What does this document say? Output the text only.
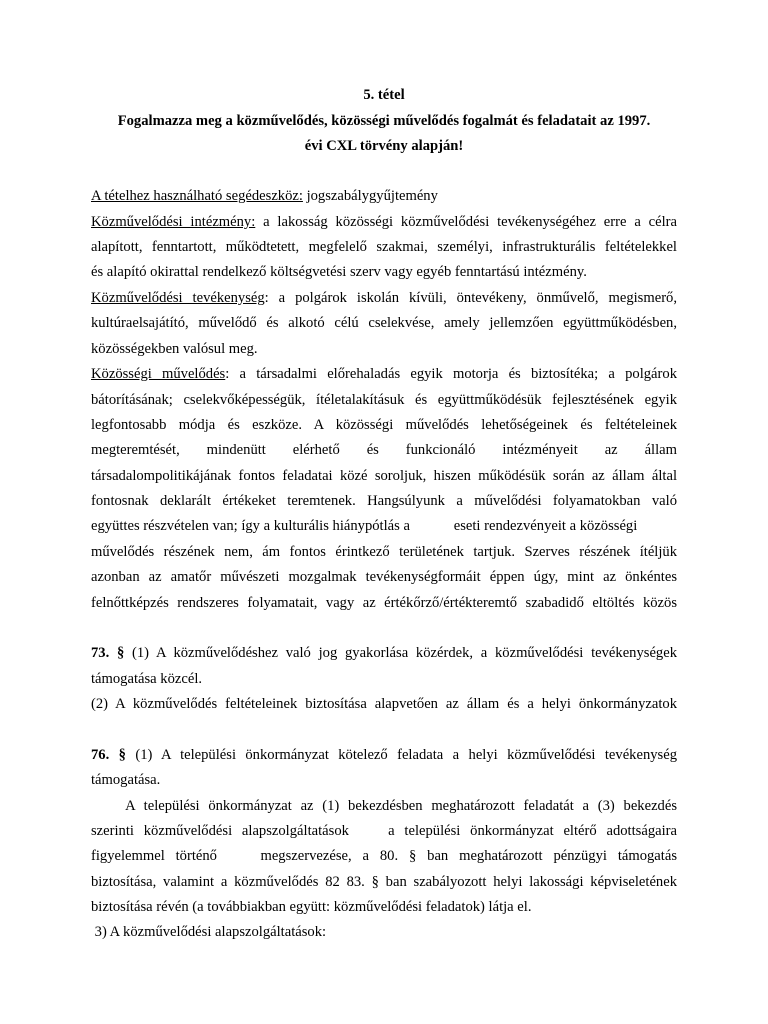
5. tétel
Fogalmazza meg a közművelődés, közösségi művelődés fogalmát és feladatait az 1997.
évi CXL törvény alapján!
A tételhez használható segédeszköz: jogszabálygyűjtemény
Közművelődési intézmény: a lakosság közösségi közművelődési tevékenységéhez erre a célra
alapított, fenntartott, működtetett, megfelelő szakmai, személyi, infrastrukturális feltételekkel
és alapító okirattal rendelkező költségvetési szerv vagy egyéb fenntartású intézmény.
Közművelődési tevékenység: a polgárok iskolán kívüli, öntevékeny, önművelő, megismerő,
kultúraelsajátító, művelődő és alkotó célú cselekvése, amely jellemzően együttműködésben,
közösségekben valósul meg.
Közösségi művelődés: a társadalmi előrehaladás egyik motorja és biztosítéka; a polgárok
bátorításának; cselekvőképességük, ítéletalakításuk és együttműködésük fejlesztésének egyik
legfontosabb módja és eszköze. A közösségi művelődés lehetőségeinek és feltételeinek
megteremtését, mindenütt elérhető és funkcionáló intézményeit az állam
társadalompolitikájának fontos feladatai közé soroljuk, hiszen működésük során az állam által
fontosnak deklarált értékeket teremtenek. Hangsúlyunk a művelődési folyamatokban való
együttes részvételen van; így a kulturális hiánypótlás a            eseti rendezvényeit a közösségi
művelődés részének nem, ám fontos érintkező területének tartjuk. Szerves részének ítéljük
azonban az amatőr művészeti mozgalmak tevékenységformáit éppen úgy, mint az önkéntes
felnőttképzés rendszeres folyamatait, vagy az értékőrző/értékteremtő szabadidő eltöltés közös
73. § (1) A közművelődéshez való jog gyakorlása közérdek, a közművelődési tevékenységek
támogatása közcél.
(2) A közművelődés feltételeinek biztosítása alapvetően az állam és a helyi önkormányzatok
76. § (1) A települési önkormányzat kötelező feladata a helyi közművelődési tevékenység
támogatása.
A települési önkormányzat az (1) bekezdésben meghatározott feladatát a (3) bekezdés
szerinti közművelődési alapszolgáltatások    a települési önkormányzat eltérő adottságaira
figyelemmel történő    megszervezése, a 80. § ban meghatározott pénzügyi támogatás
biztosítása, valamint a közművelődés 82 83. § ban szabályozott helyi lakossági képviseletének
biztosítása révén (a továbbiakban együtt: közművelődési feladatok) látja el.
3) A közművelődési alapszolgáltatások:
